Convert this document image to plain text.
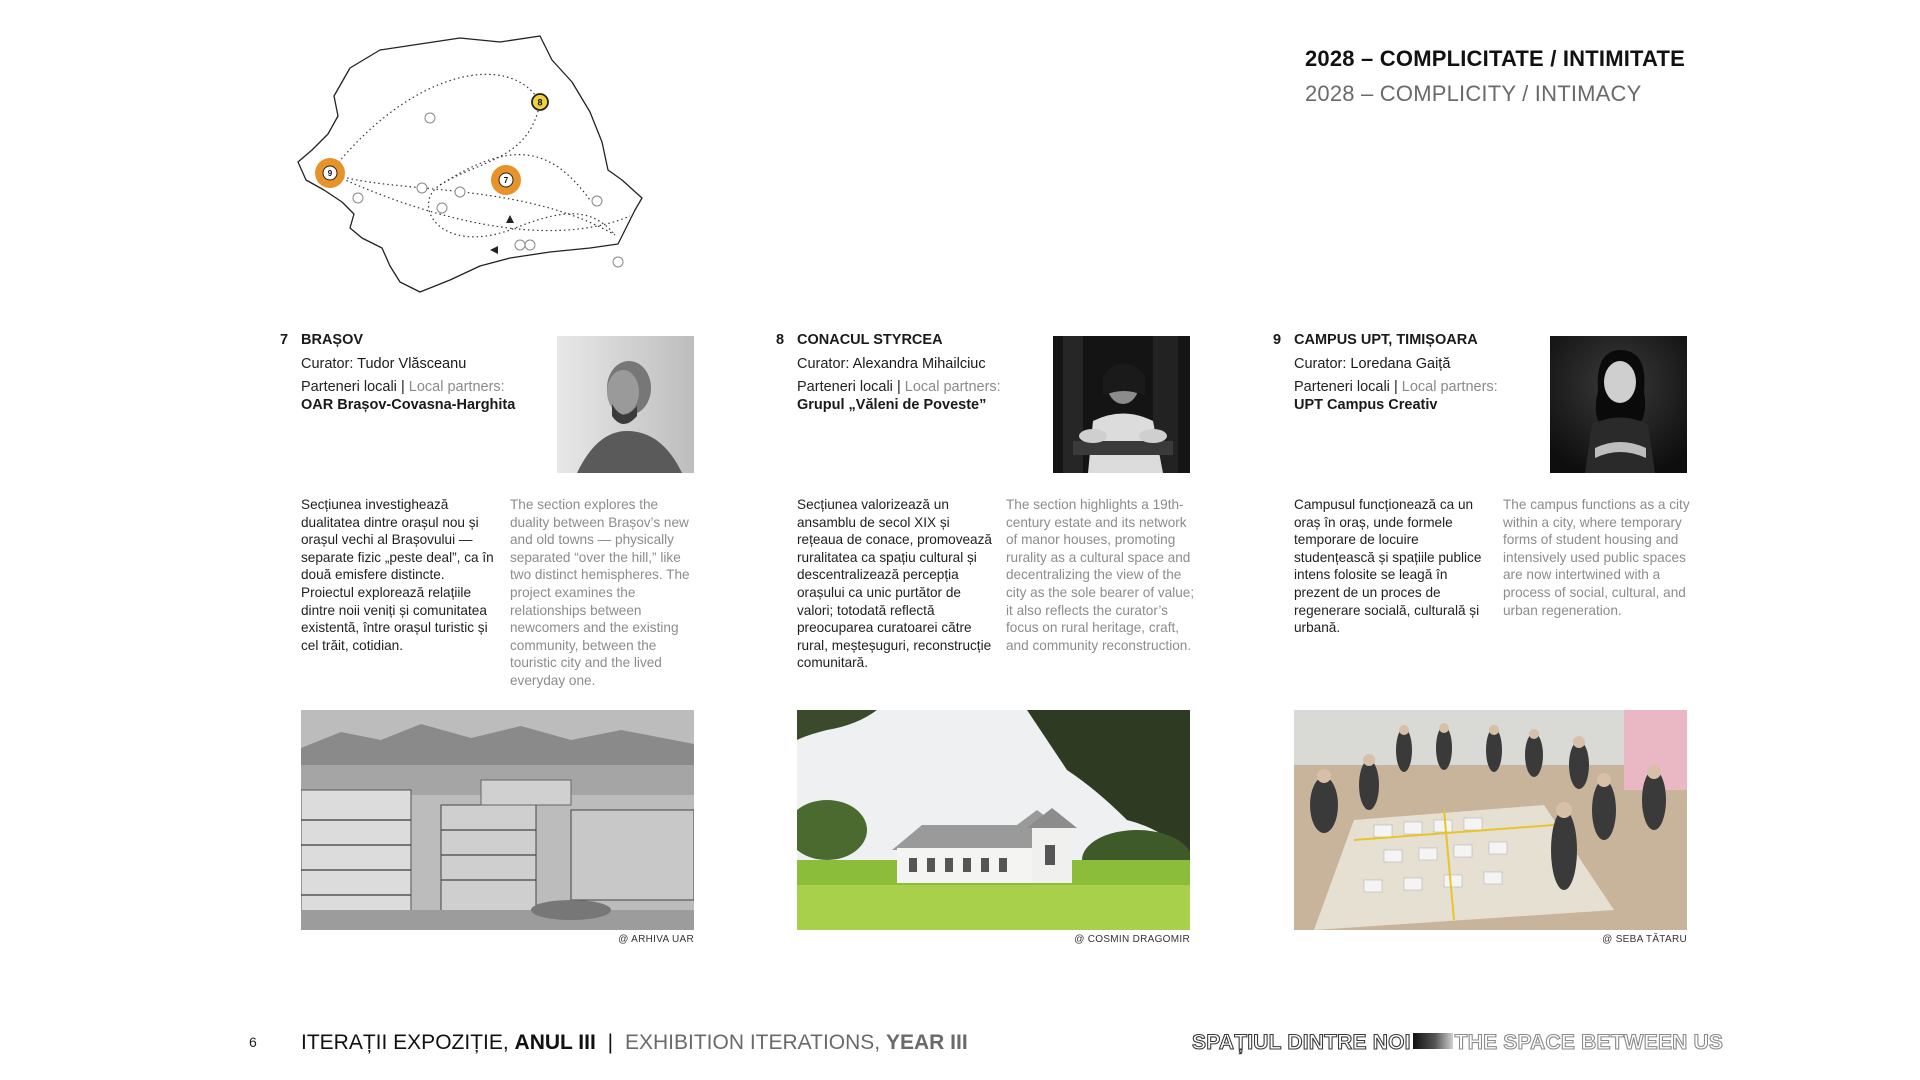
2028 – COMPLICITATE / INTIMITATE
2028 – COMPLICITY / INTIMACY
8
9
7
7 BRAȘOV
Curator: Tudor Vlăsceanu
Parteneri locali | Local partners:
OAR Brașov-Covasna-Harghita
Secțiunea investighează dualitatea dintre orașul nou și orașul vechi al Brașovului — separate fizic „peste deal”, ca în două emisfere distincte. Proiectul explorează relațiile dintre noii veniți și comunitatea existentă, între orașul turistic și cel trăit, cotidian.
The section explores the duality between Brașov’s new and old towns — physically separated “over the hill,” like two distinct hemispheres. The project examines the relationships between newcomers and the existing community, between the touristic city and the lived everyday one.
@ ARHIVA UAR
8 CONACUL STYRCEA
Curator: Alexandra Mihailciuc
Parteneri locali | Local partners:
Grupul „Văleni de Poveste”
Secțiunea valorizează un ansamblu de secol XIX și rețeaua de conace, promovează ruralitatea ca spațiu cultural și descentralizează percepția orașului ca unic purtător de valori; totodată reflectă preocuparea curatoarei către rural, meșteșuguri, reconstrucție comunitară.
The section highlights a 19th-century estate and its network of manor houses, promoting rurality as a cultural space and decentralizing the view of the city as the sole bearer of value; it also reflects the curator’s focus on rural heritage, craft, and community reconstruction.
@ COSMIN DRAGOMIR
9 CAMPUS UPT, TIMIȘOARA
Curator: Loredana Gaiță
Parteneri locali | Local partners:
UPT Campus Creativ
Campusul funcționează ca un oraș în oraș, unde formele temporare de locuire studențească și spațiile publice intens folosite se leagă în prezent de un proces de regenerare socială, culturală și urbană.
The campus functions as a city within a city, where temporary forms of student housing and intensively used public spaces are now intertwined with a process of social, cultural, and urban regeneration.
@ SEBA TĂTARU
6 ITERAȚII EXPOZIȚIE, ANUL III | EXHIBITION ITERATIONS, YEAR III	SPAȚIUL DINTRE NOI THE SPACE BETWEEN US
